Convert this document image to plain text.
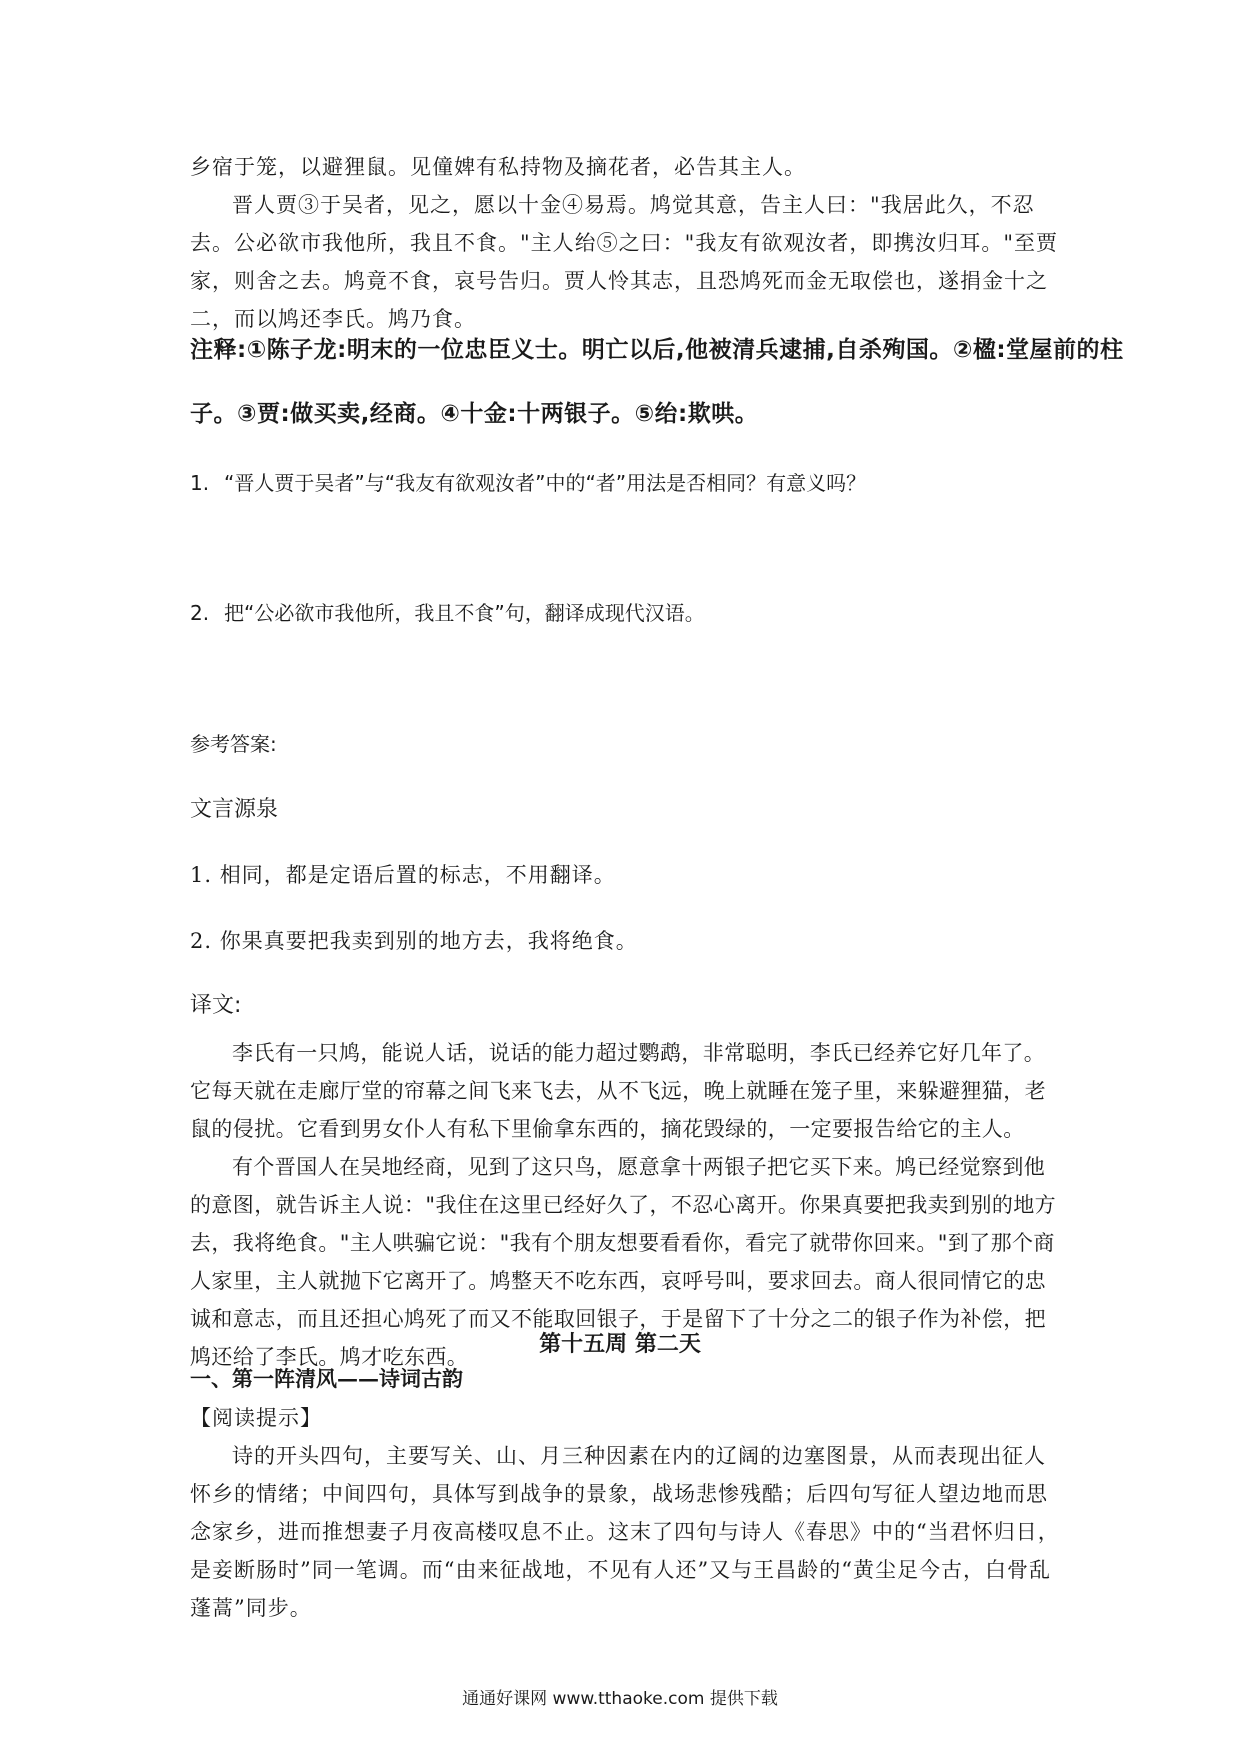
乡宿于笼，以避狸鼠。见僮婢有私持物及摘花者，必告其主人。

晋人贾③于吴者，见之，愿以十金④易焉。鸠觉其意，告主人曰："我居此久，不忍去。公必欲市我他所，我且不食。"主人绐⑤之曰："我友有欲观汝者，即携汝归耳。"至贾家，则舍之去。鸠竟不食，哀号告归。贾人怜其志，且恐鸠死而金无取偿也，遂捐金十之二，而以鸠还李氏。鸠乃食。

注释:①陈子龙:明末的一位忠臣义士。明亡以后,他被清兵逮捕,自杀殉国。②楹:堂屋前的柱

子。③贾:做买卖,经商。④十金:十两银子。⑤绐:欺哄。

1. “晋人贾于吴者”与“我友有欲观汝者”中的“者”用法是否相同？有意义吗？
2. 把“公必欲市我他所，我且不食”句，翻译成现代汉语。
参考答案:
文言源泉
1. 相同，都是定语后置的标志，不用翻译。
2. 你果真要把我卖到别的地方去，我将绝食。
译文:

李氏有一只鸠，能说人话，说话的能力超过鹦鹉，非常聪明，李氏已经养它好几年了。它每天就在走廊厅堂的帘幕之间飞来飞去，从不飞远，晚上就睡在笼子里，来躲避狸猫，老鼠的侵扰。它看到男女仆人有私下里偷拿东西的，摘花毁绿的，一定要报告给它的主人。

有个晋国人在吴地经商，见到了这只鸟，愿意拿十两银子把它买下来。鸠已经觉察到他的意图，就告诉主人说："我住在这里已经好久了，不忍心离开。你果真要把我卖到别的地方去，我将绝食。"主人哄骗它说："我有个朋友想要看看你，看完了就带你回来。"到了那个商人家里，主人就抛下它离开了。鸠整天不吃东西，哀呼号叫，要求回去。商人很同情它的忠诚和意志，而且还担心鸠死了而又不能取回银子，于是留下了十分之二的银子作为补偿，把鸠还给了李氏。鸠才吃东西。	第十五周 第二天
一、第一阵清风——诗词古韵
【阅读提示】

诗的开头四句，主要写关、山、月三种因素在内的辽阔的边塞图景，从而表现出征人怀乡的情绪；中间四句，具体写到战争的景象，战场悲惨残酷；后四句写征人望边地而思念家乡，进而推想妻子月夜高楼叹息不止。这末了四句与诗人《春思》中的“当君怀归日，是妾断肠时”同一笔调。而“由来征战地，不见有人还”又与王昌龄的“黄尘足今古，白骨乱蓬蒿”同步。

通通好课网 www.tthaoke.com 提供下载
